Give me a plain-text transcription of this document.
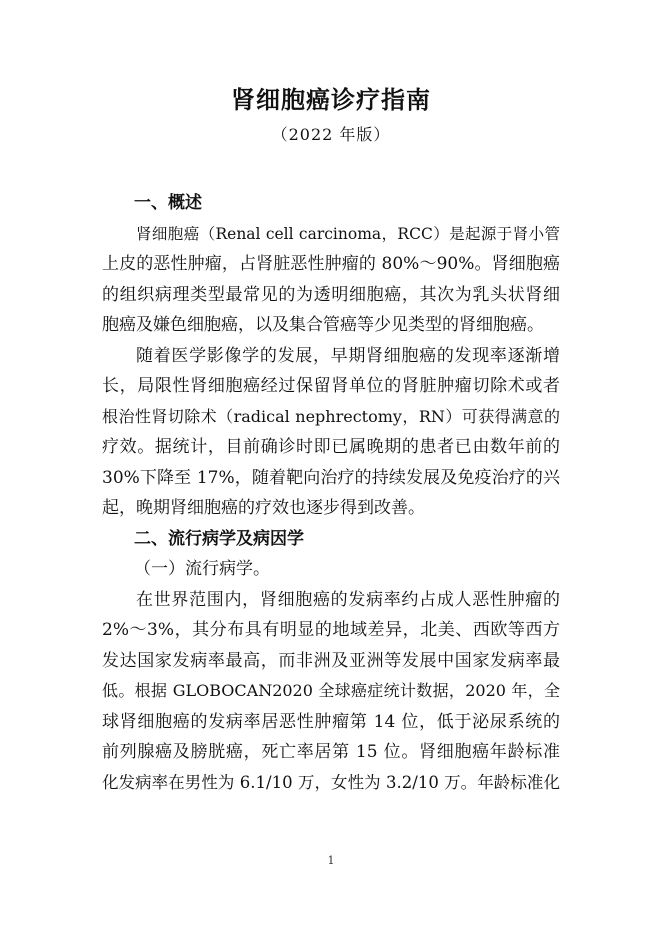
肾细胞癌诊疗指南
（2022 年版）
一、概述

肾细胞癌（Renal cell carcinoma，RCC）是起源于肾小管

上皮的恶性肿瘤，占肾脏恶性肿瘤的 80%～90%。肾细胞癌

的组织病理类型最常见的为透明细胞癌，其次为乳头状肾细

胞癌及嫌色细胞癌，以及集合管癌等少见类型的肾细胞癌。

随着医学影像学的发展，早期肾细胞癌的发现率逐渐增

长，局限性肾细胞癌经过保留肾单位的肾脏肿瘤切除术或者

根治性肾切除术（radical nephrectomy，RN）可获得满意的

疗效。据统计，目前确诊时即已属晚期的患者已由数年前的

30%下降至 17%，随着靶向治疗的持续发展及免疫治疗的兴

起，晚期肾细胞癌的疗效也逐步得到改善。

二、流行病学及病因学

（一）流行病学。

在世界范围内，肾细胞癌的发病率约占成人恶性肿瘤的

2%～3%，其分布具有明显的地域差异，北美、西欧等西方

发达国家发病率最高，而非洲及亚洲等发展中国家发病率最

低。根据 GLOBOCAN2020 全球癌症统计数据，2020 年，全

球肾细胞癌的发病率居恶性肿瘤第 14 位，低于泌尿系统的

前列腺癌及膀胱癌，死亡率居第 15 位。肾细胞癌年龄标准

化发病率在男性为 6.1/10 万，女性为 3.2/10 万。年龄标准化

1
